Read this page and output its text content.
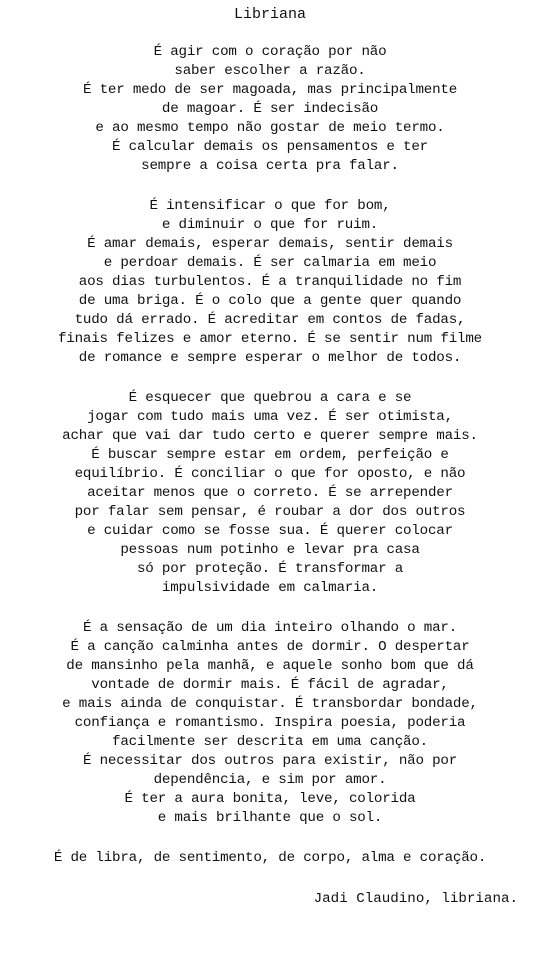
Libriana
É agir com o coração por não
saber escolher a razão.
É ter medo de ser magoada, mas principalmente
de magoar. É ser indecisão
e ao mesmo tempo não gostar de meio termo.
É calcular demais os pensamentos e ter
sempre a coisa certa pra falar.
É intensificar o que for bom,
e diminuir o que for ruim.
É amar demais, esperar demais, sentir demais
e perdoar demais. É ser calmaria em meio
aos dias turbulentos. É a tranquilidade no fim
de uma briga. É o colo que a gente quer quando
tudo dá errado. É acreditar em contos de fadas,
finais felizes e amor eterno. É se sentir num filme
de romance e sempre esperar o melhor de todos.
É esquecer que quebrou a cara e se
jogar com tudo mais uma vez. É ser otimista,
achar que vai dar tudo certo e querer sempre mais.
É buscar sempre estar em ordem, perfeição e
equilíbrio. É conciliar o que for oposto, e não
aceitar menos que o correto. É se arrepender
por falar sem pensar, é roubar a dor dos outros
e cuidar como se fosse sua. É querer colocar
pessoas num potinho e levar pra casa
só por proteção. É transformar a
impulsividade em calmaria.
É a sensação de um dia inteiro olhando o mar.
É a canção calminha antes de dormir. O despertar
de mansinho pela manhã, e aquele sonho bom que dá
vontade de dormir mais. É fácil de agradar,
e mais ainda de conquistar. É transbordar bondade,
confiança e romantismo. Inspira poesia, poderia
facilmente ser descrita em uma canção.
É necessitar dos outros para existir, não por
dependência, e sim por amor.
É ter a aura bonita, leve, colorida
e mais brilhante que o sol.
É de libra, de sentimento, de corpo, alma e coração.
Jadi Claudino, libriana.
